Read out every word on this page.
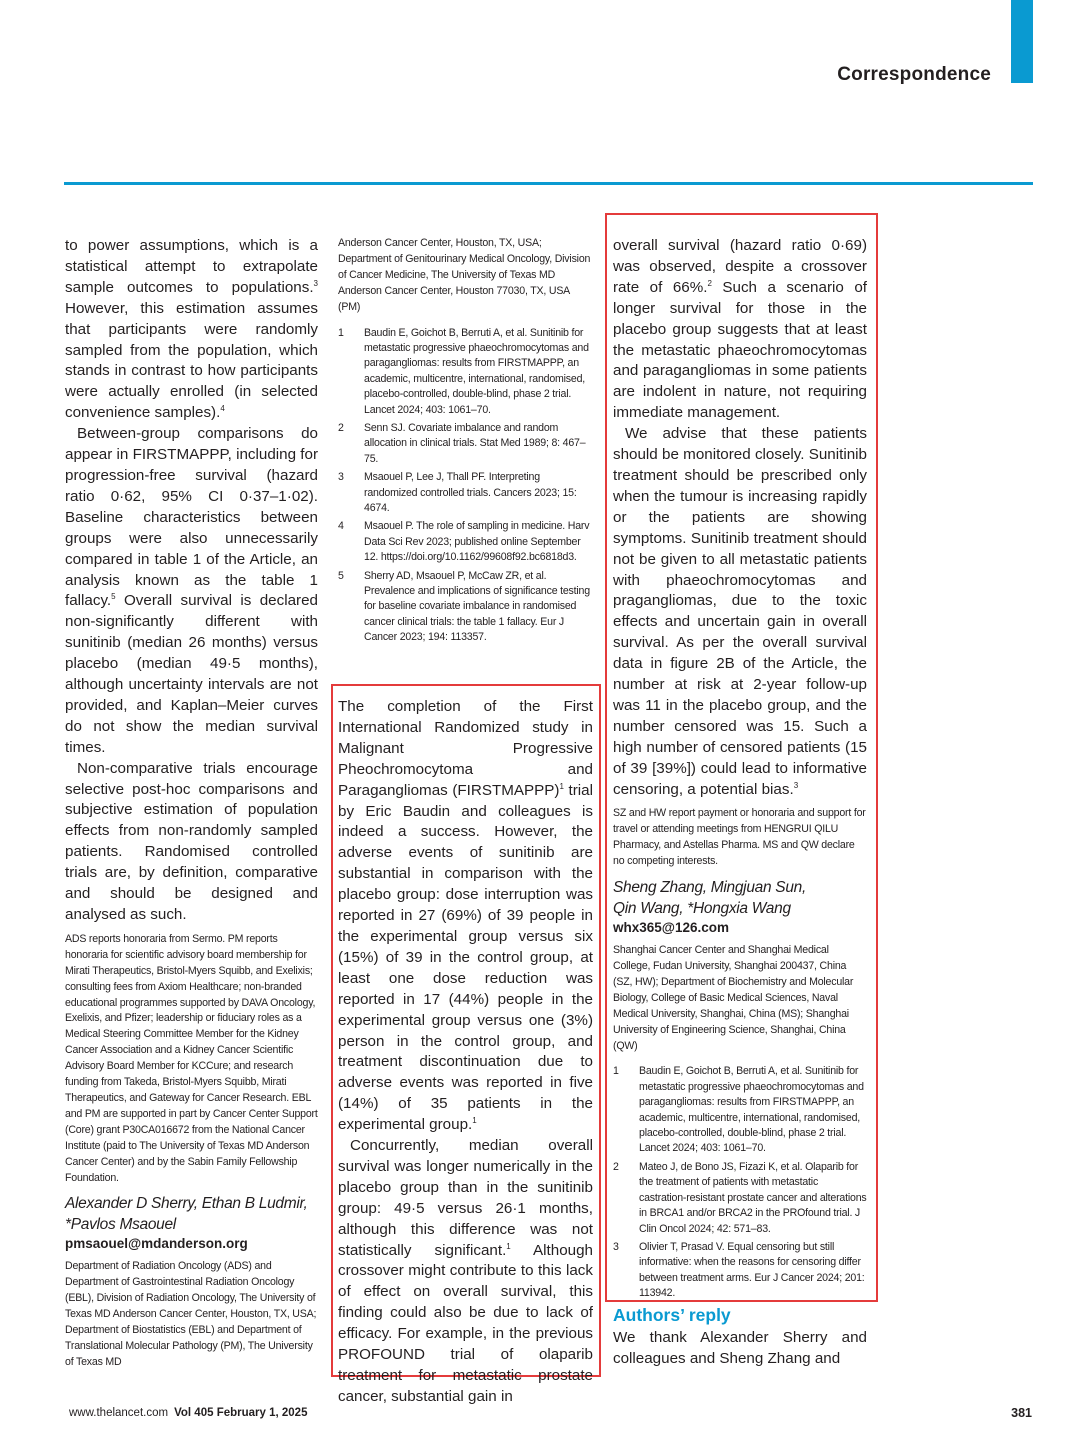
Correspondence

to power assumptions, which is a statistical attempt to extrapolate sample outcomes to populations.$^3$ However, this estimation assumes that participants were randomly sampled from the population, which stands in contrast to how participants were actually enrolled (in selected convenience samples).$^4$

Between-group comparisons do appear in FIRSTMAPPP, including for progression-free survival (hazard ratio 0·62, 95% CI 0·37–1·02). Baseline characteristics between groups were also unnecessarily compared in table 1 of the Article, an analysis known as the table 1 fallacy.$^5$ Overall survival is declared non-significantly different with sunitinib (median 26 months) versus placebo (median 49·5 months), although uncertainty intervals are not provided, and Kaplan–Meier curves do not show the median survival times.

Non-comparative trials encourage selective post-hoc comparisons and subjective estimation of population effects from non-randomly sampled patients. Randomised controlled trials are, by definition, comparative and should be designed and analysed as such.

ADS reports honoraria from Sermo. PM reports honoraria for scientific advisory board membership for Mirati Therapeutics, Bristol-Myers Squibb, and Exelixis; consulting fees from Axiom Healthcare; non-branded educational programmes supported by DAVA Oncology, Exelixis, and Pfizer; leadership or fiduciary roles as a Medical Steering Committee Member for the Kidney Cancer Association and a Kidney Cancer Scientific Advisory Board Member for KCCure; and research funding from Takeda, Bristol-Myers Squibb, Mirati Therapeutics, and Gateway for Cancer Research. EBL and PM are supported in part by Cancer Center Support (Core) grant P30CA016672 from the National Cancer Institute (paid to The University of Texas MD Anderson Cancer Center) and by the Sabin Family Fellowship Foundation.

Alexander D Sherry, Ethan B Ludmir,
*Pavlos Msaouel

pmsaouel@mdanderson.org

Department of Radiation Oncology (ADS) and Department of Gastrointestinal Radiation Oncology (EBL), Division of Radiation Oncology, The University of Texas MD Anderson Cancer Center, Houston, TX, USA; Department of Biostatistics (EBL) and Department of Translational Molecular Pathology (PM), The University of Texas MD

Anderson Cancer Center, Houston, TX, USA; Department of Genitourinary Medical Oncology, Division of Cancer Medicine, The University of Texas MD Anderson Cancer Center, Houston 77030, TX, USA (PM)

1	Baudin E, Goichot B, Berruti A, et al. Sunitinib for metastatic progressive phaeochromocytomas and paragangliomas: results from FIRSTMAPPP, an academic, multicentre, international, randomised, placebo-controlled, double-blind, phase 2 trial. Lancet 2024; 403: 1061–70.
2	Senn SJ. Covariate imbalance and random allocation in clinical trials. Stat Med 1989; 8: 467–75.
3	Msaouel P, Lee J, Thall PF. Interpreting randomized controlled trials. Cancers 2023; 15: 4674.
4	Msaouel P. The role of sampling in medicine. Harv Data Sci Rev 2023; published online September 12. https://doi.org/10.1162/99608f92.bc6818d3.
5	Sherry AD, Msaouel P, McCaw ZR, et al. Prevalence and implications of significance testing for baseline covariate imbalance in randomised cancer clinical trials: the table 1 fallacy. Eur J Cancer 2023; 194: 113357.

The completion of the First International Randomized study in Malignant Progressive Pheochromocytoma and Paragangliomas (FIRSTMAPPP)$^1$ trial by Eric Baudin and colleagues is indeed a success. However, the adverse events of sunitinib are substantial in comparison with the placebo group: dose interruption was reported in 27 (69%) of 39 people in the experimental group versus six (15%) of 39 in the control group, at least one dose reduction was reported in 17 (44%) people in the experimental group versus one (3%) person in the control group, and treatment discontinuation due to adverse events was reported in five (14%) of 35 patients in the experimental group.$^1$

Concurrently, median overall survival was longer numerically in the placebo group than in the sunitinib group: 49·5 versus 26·1 months, although this difference was not statistically significant.$^1$ Although crossover might contribute to this lack of effect on overall survival, this finding could also be due to lack of efficacy. For example, in the previous PROFOUND trial of olaparib treatment for metastatic prostate cancer, substantial gain in

overall survival (hazard ratio 0·69) was observed, despite a crossover rate of 66%.$^2$ Such a scenario of longer survival for those in the placebo group suggests that at least the metastatic phaeochromocytomas and paragangliomas in some patients are indolent in nature, not requiring immediate management.

We advise that these patients should be monitored closely. Sunitinib treatment should be prescribed only when the tumour is increasing rapidly or the patients are showing symptoms. Sunitinib treatment should not be given to all metastatic patients with phaeochromocytomas and pragangliomas, due to the toxic effects and uncertain gain in overall survival. As per the overall survival data in figure 2B of the Article, the number at risk at 2-year follow-up was 11 in the placebo group, and the number censored was 15. Such a high number of censored patients (15 of 39 [39%]) could lead to informative censoring, a potential bias.$^3$

SZ and HW report payment or honoraria and support for travel or attending meetings from HENGRUI QILU Pharmacy, and Astellas Pharma. MS and QW declare no competing interests.

Sheng Zhang, Mingjuan Sun,
Qin Wang, *Hongxia Wang

whx365@126.com

Shanghai Cancer Center and Shanghai Medical College, Fudan University, Shanghai 200437, China (SZ, HW); Department of Biochemistry and Molecular Biology, College of Basic Medical Sciences, Naval Medical University, Shanghai, China (MS); Shanghai University of Engineering Science, Shanghai, China (QW)

1	Baudin E, Goichot B, Berruti A, et al. Sunitinib for metastatic progressive phaeochromocytomas and paragangliomas: results from FIRSTMAPPP, an academic, multicentre, international, randomised, placebo-controlled, double-blind, phase 2 trial. Lancet 2024; 403: 1061–70.
2	Mateo J, de Bono JS, Fizazi K, et al. Olaparib for the treatment of patients with metastatic castration-resistant prostate cancer and alterations in BRCA1 and/or BRCA2 in the PROfound trial. J Clin Oncol 2024; 42: 571–83.
3	Olivier T, Prasad V. Equal censoring but still informative: when the reasons for censoring differ between treatment arms. Eur J Cancer 2024; 201: 113942.
Authors’ reply

We thank Alexander Sherry and colleagues and Sheng Zhang and

www.thelancet.com Vol 405 February 1, 2025	381
